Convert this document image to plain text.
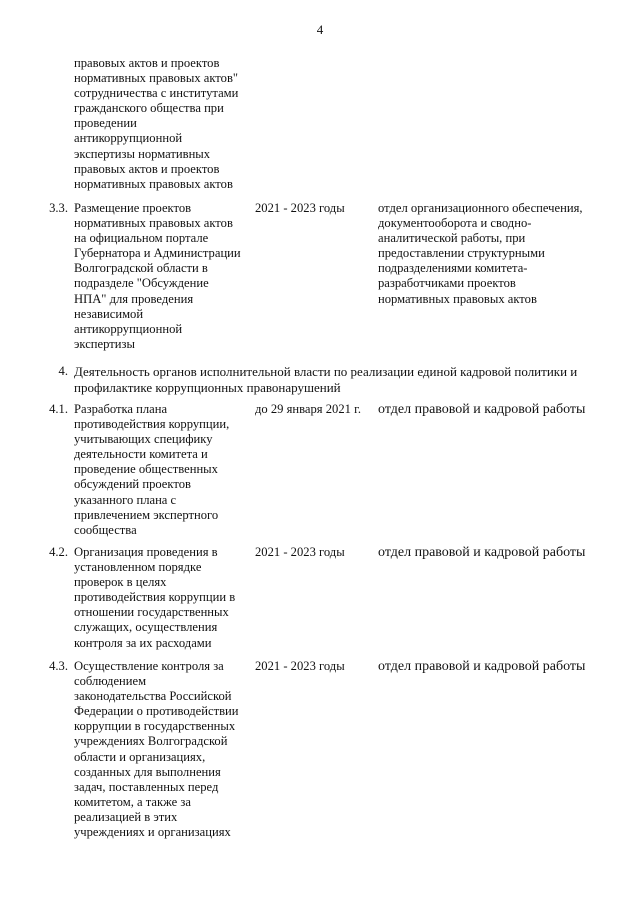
4
правовых актов и проектов
нормативных правовых актов"
сотрудничества с институтами
гражданского общества при
проведении
антикоррупционной
экспертизы нормативных
правовых актов и проектов
нормативных правовых актов
3.3. Размещение проектов
нормативных правовых актов
на официальном портале
Губернатора и Администрации
Волгоградской области в
подразделе "Обсуждение
НПА" для проведения
независимой
антикоррупционной
экспертизы
2021 - 2023 годы	отдел организационного обеспечения,
документооборота и сводно-
аналитической работы, при
предоставлении структурными
подразделениями комитета-
разработчиками проектов
нормативных правовых актов
4. Деятельность органов исполнительной власти по реализации единой кадровой политики и
профилактике коррупционных правонарушений
4.1. Разработка плана
противодействия коррупции,
учитывающих специфику
деятельности комитета и
проведение общественных
обсуждений проектов
указанного плана с
привлечением экспертного
сообщества
до 29 января 2021 г. отдел правовой и кадровой работы
4.2. Организация проведения в
установленном порядке
проверок в целях
противодействия коррупции в
отношении государственных
служащих, осуществления
контроля за их расходами
2021 - 2023 годы отдел правовой и кадровой работы
4.3. Осуществление контроля за
соблюдением
законодательства Российской
Федерации о противодействии
коррупции в государственных
учреждениях Волгоградской
области и организациях,
созданных для выполнения
задач, поставленных перед
комитетом, а также за
реализацией в этих
учреждениях и организациях
2021 - 2023 годы отдел правовой и кадровой работы
